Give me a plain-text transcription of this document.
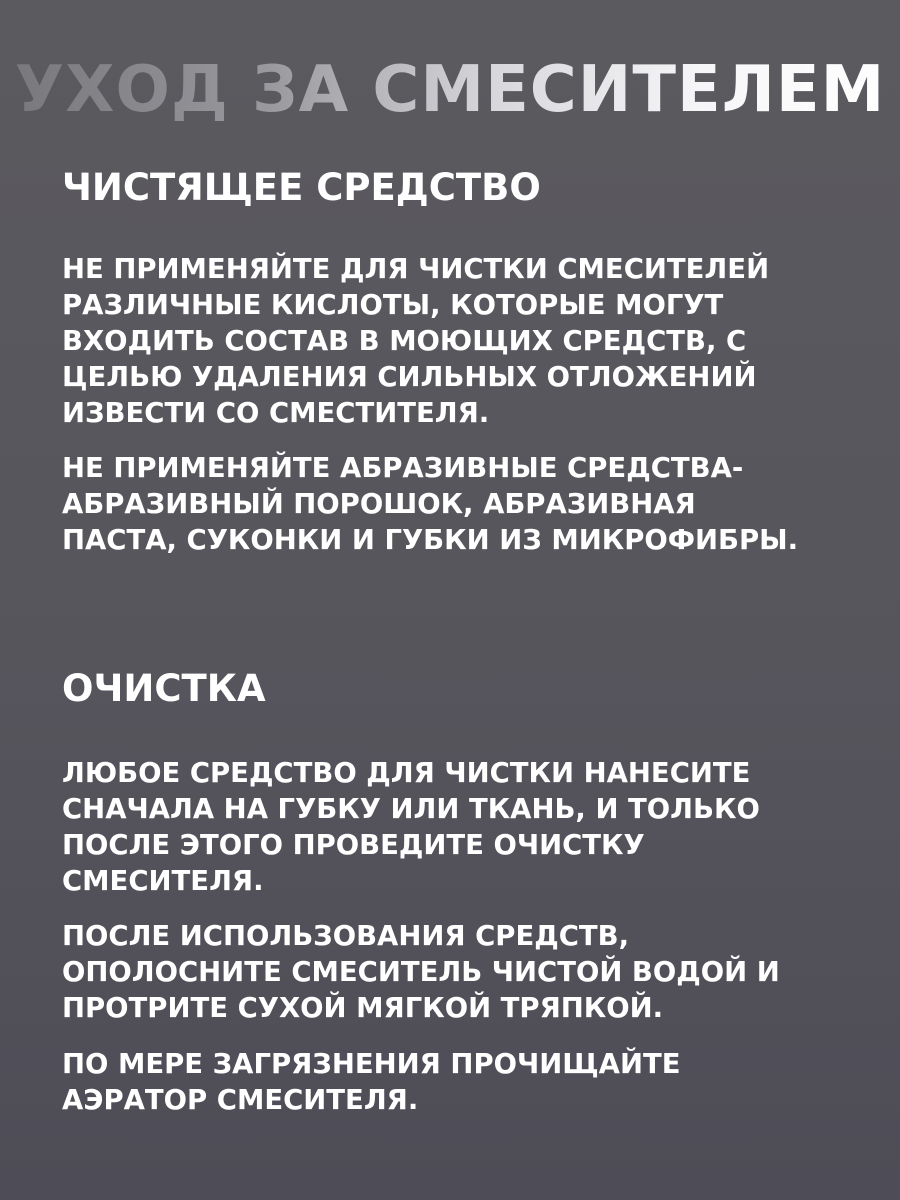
УХОД ЗА СМЕСИТЕЛЕМ
ЧИСТЯЩЕЕ СРЕДСТВО

НЕ ПРИМЕНЯЙТЕ ДЛЯ ЧИСТКИ СМЕСИТЕЛЕЙ
РАЗЛИЧНЫЕ КИСЛОТЫ, КОТОРЫЕ МОГУТ
ВХОДИТЬ СОСТАВ В МОЮЩИХ СРЕДСТВ, С
ЦЕЛЬЮ УДАЛЕНИЯ СИЛЬНЫХ ОТЛОЖЕНИЙ
ИЗВЕСТИ СО СМЕСТИТЕЛЯ.

НЕ ПРИМЕНЯЙТЕ АБРАЗИВНЫЕ СРЕДСТВА-
АБРАЗИВНЫЙ ПОРОШОК, АБРАЗИВНАЯ
ПАСТА, СУКОНКИ И ГУБКИ ИЗ МИКРОФИБРЫ.

ОЧИСТКА

ЛЮБОЕ СРЕДСТВО ДЛЯ ЧИСТКИ НАНЕСИТЕ
СНАЧАЛА НА ГУБКУ ИЛИ ТКАНЬ, И ТОЛЬКО
ПОСЛЕ ЭТОГО ПРОВЕДИТЕ ОЧИСТКУ
СМЕСИТЕЛЯ.

ПОСЛЕ ИСПОЛЬЗОВАНИЯ СРЕДСТВ,
ОПОЛОСНИТЕ СМЕСИТЕЛЬ ЧИСТОЙ ВОДОЙ И
ПРОТРИТЕ СУХОЙ МЯГКОЙ ТРЯПКОЙ.

ПО МЕРЕ ЗАГРЯЗНЕНИЯ ПРОЧИЩАЙТЕ
АЭРАТОР СМЕСИТЕЛЯ.
